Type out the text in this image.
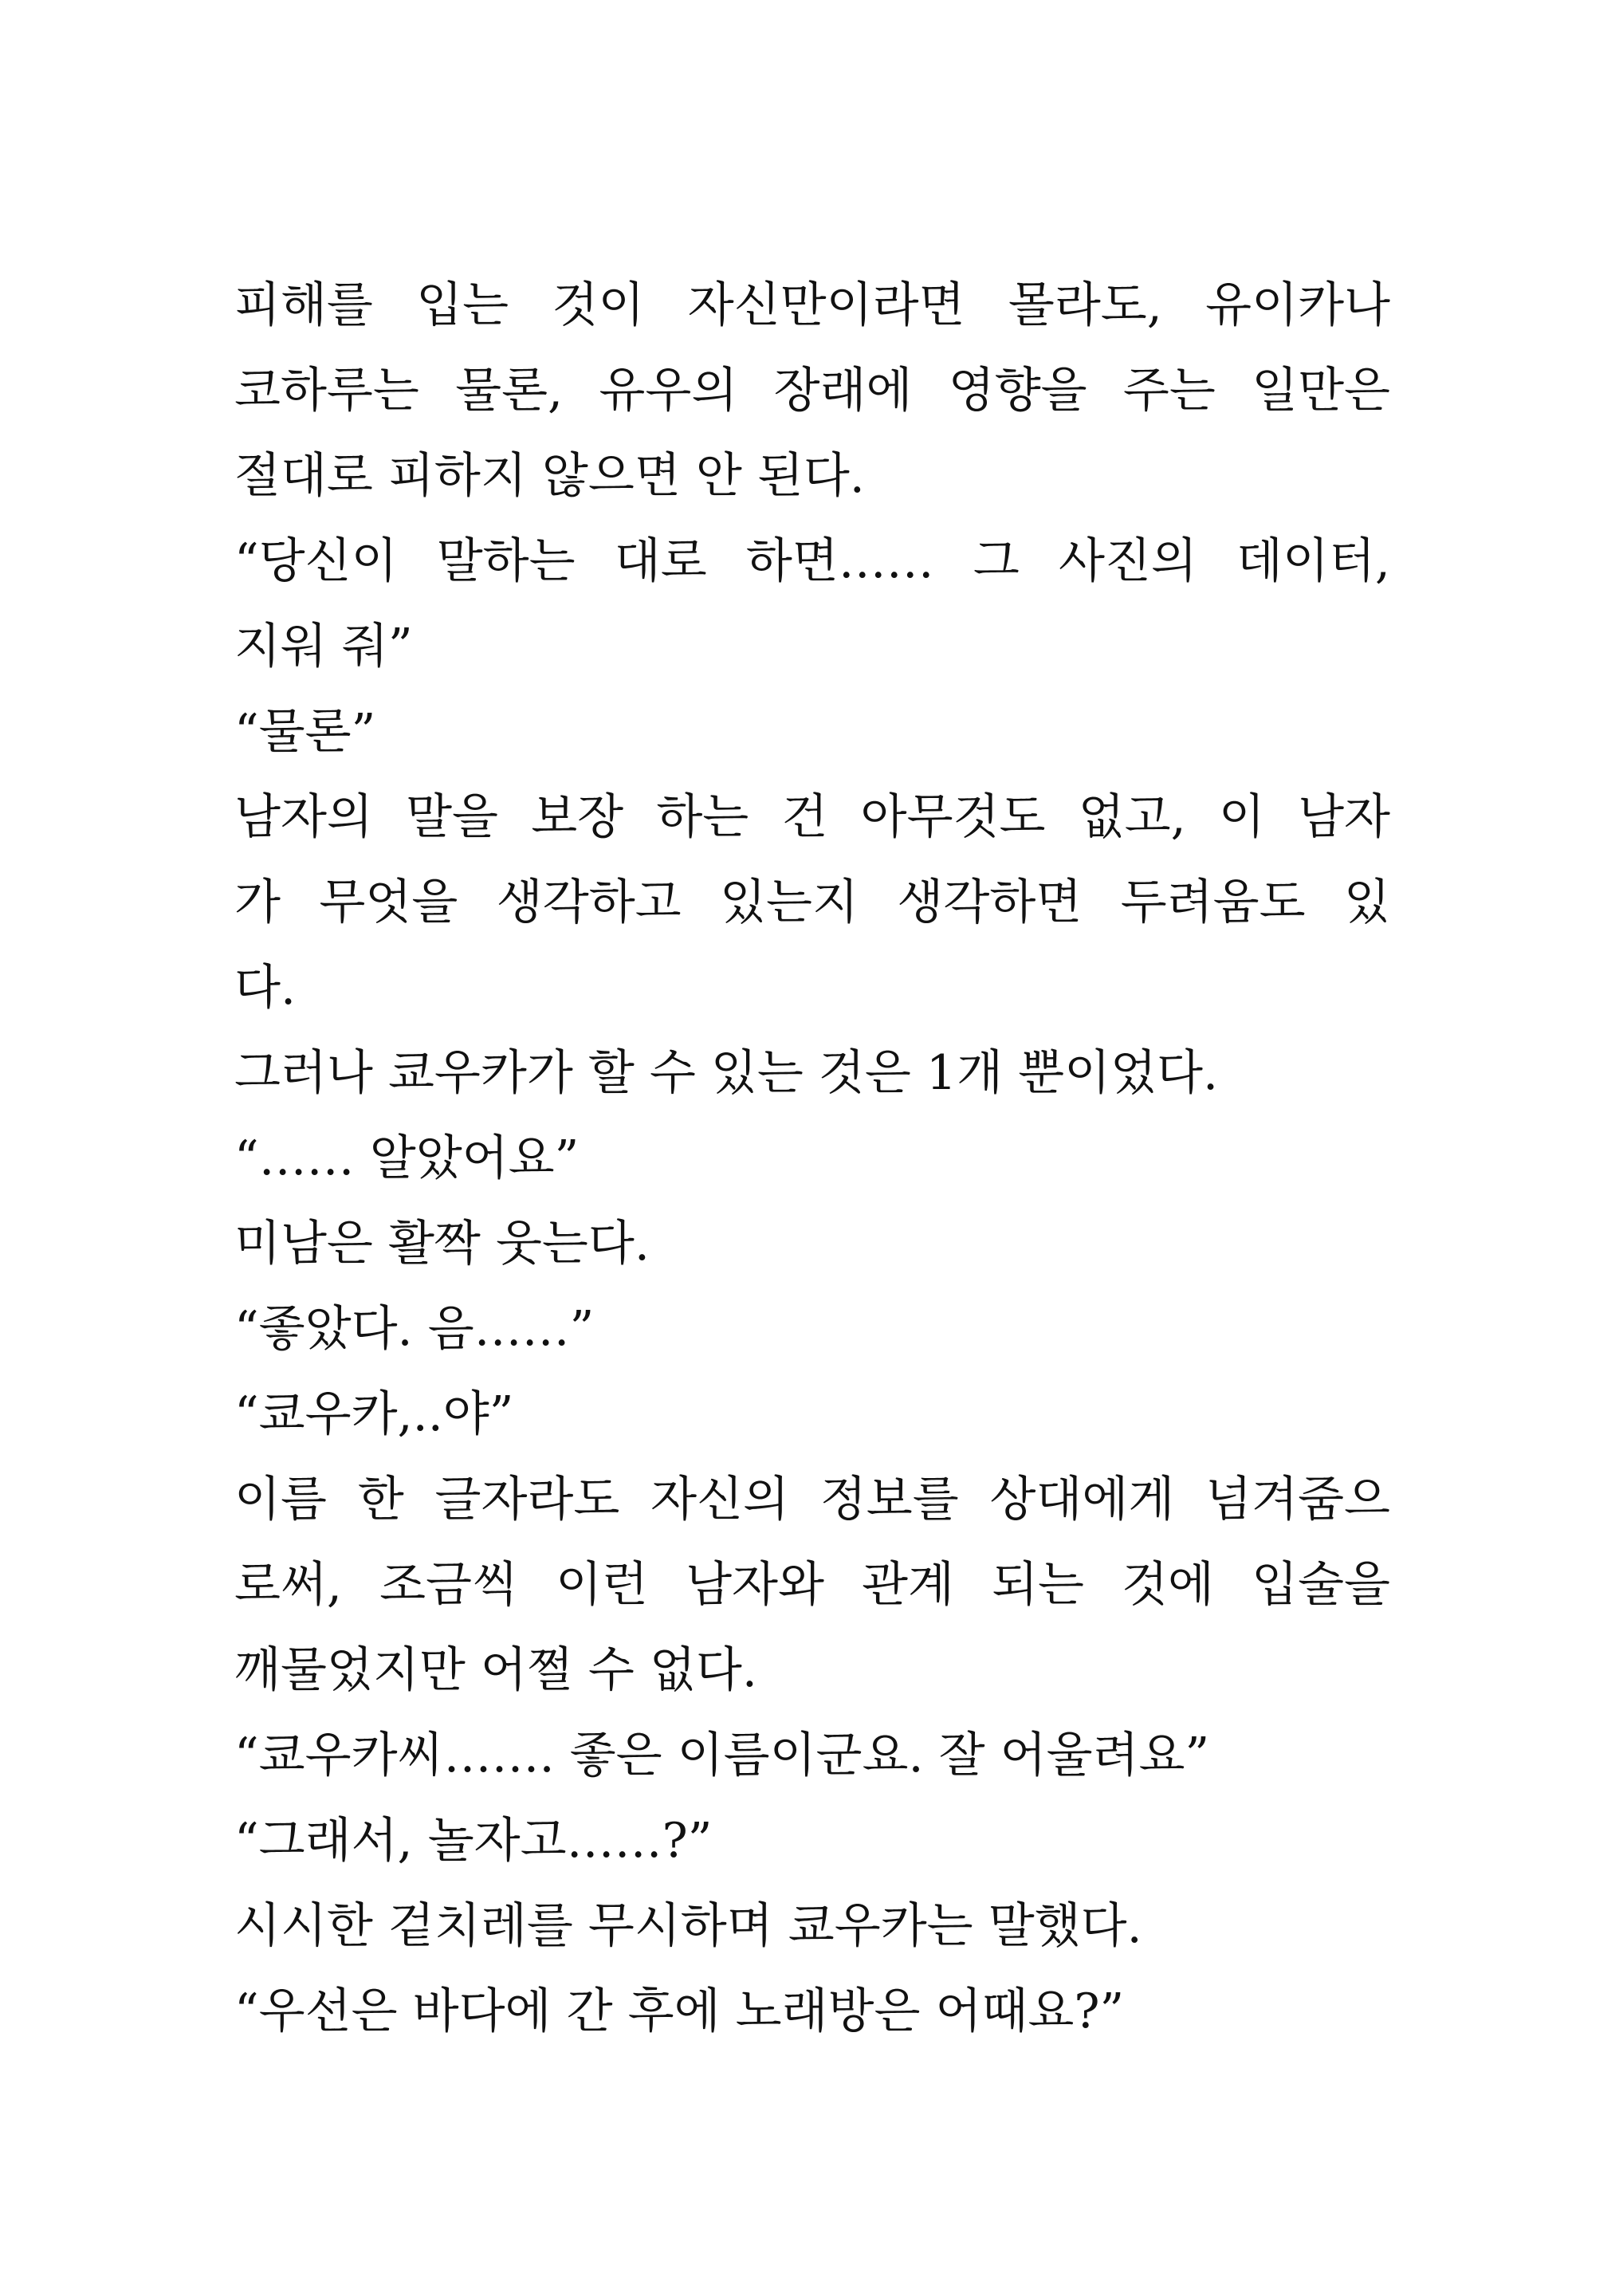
피해를 입는 것이 자신만이라면 몰라도, 유이카나
코하루는 물론, 유우의 장래에 영향을 주는 일만은
절대로 피하지 않으면 안 된다.
“당신이 말하는 대로 하면…… 그 사진의 데이터,
지워 줘”
“물론”
남자의 말을 보장 하는 건 아무것도 없고, 이 남자
가 무엇을 생각하고 있는지 생각하면 두려움도 있
다.
그러나 쿄우카가 할 수 있는 것은 1개 뿐이었다.
“…… 알았어요”
미남은 활짝 웃는다.
“좋았다. 음……”
“쿄우카,..야”
이름 한 글자라도 자신의 정보를 상대에게 넘겨줌으
로써, 조금씩 이런 남자와 관계 되는 것에 입술을
깨물었지만 어쩔 수 없다.
“쿄우카씨……. 좋은 이름이군요. 잘 어울려요”
“그래서, 놀자고……?”
시시한 겉치레를 무시하며 쿄우카는 말했다.
“우선은 바다에 간 후에 노래방은 어때요?”
